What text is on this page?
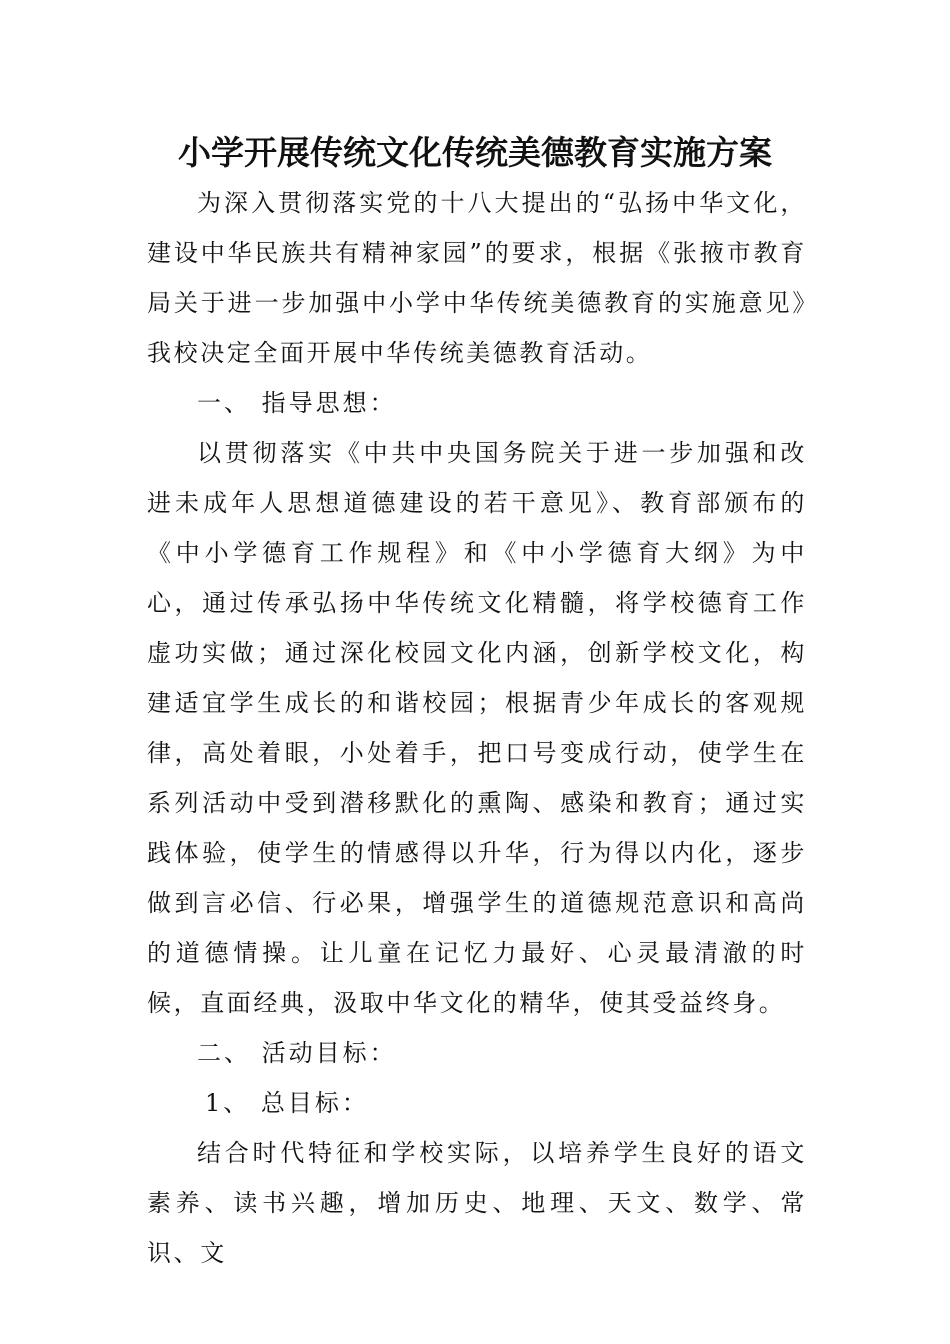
小学开展传统文化传统美德教育实施方案

为深入贯彻落实党的十八大提出的“弘扬中华文化，建设中华民族共有精神家园”的要求，根据《张掖市教育局关于进一步加强中小学中华传统美德教育的实施意见》我校决定全面开展中华传统美德教育活动。

一、 指导思想：

以贯彻落实《中共中央国务院关于进一步加强和改进未成年人思想道德建设的若干意见》、教育部颁布的《中小学德育工作规程》和《中小学德育大纲》为中心，通过传承弘扬中华传统文化精髓，将学校德育工作虚功实做；通过深化校园文化内涵，创新学校文化，构建适宜学生成长的和谐校园；根据青少年成长的客观规律，高处着眼，小处着手，把口号变成行动，使学生在系列活动中受到潜移默化的熏陶、感染和教育；通过实践体验，使学生的情感得以升华，行为得以内化，逐步做到言必信、行必果，增强学生的道德规范意识和高尚的道德情操。让儿童在记忆力最好、心灵最清澈的时候，直面经典，汲取中华文化的精华，使其受益终身。

二、 活动目标：

1、 总目标：

结合时代特征和学校实际，以培养学生良好的语文素养、读书兴趣，增加历史、地理、天文、数学、常识、文
